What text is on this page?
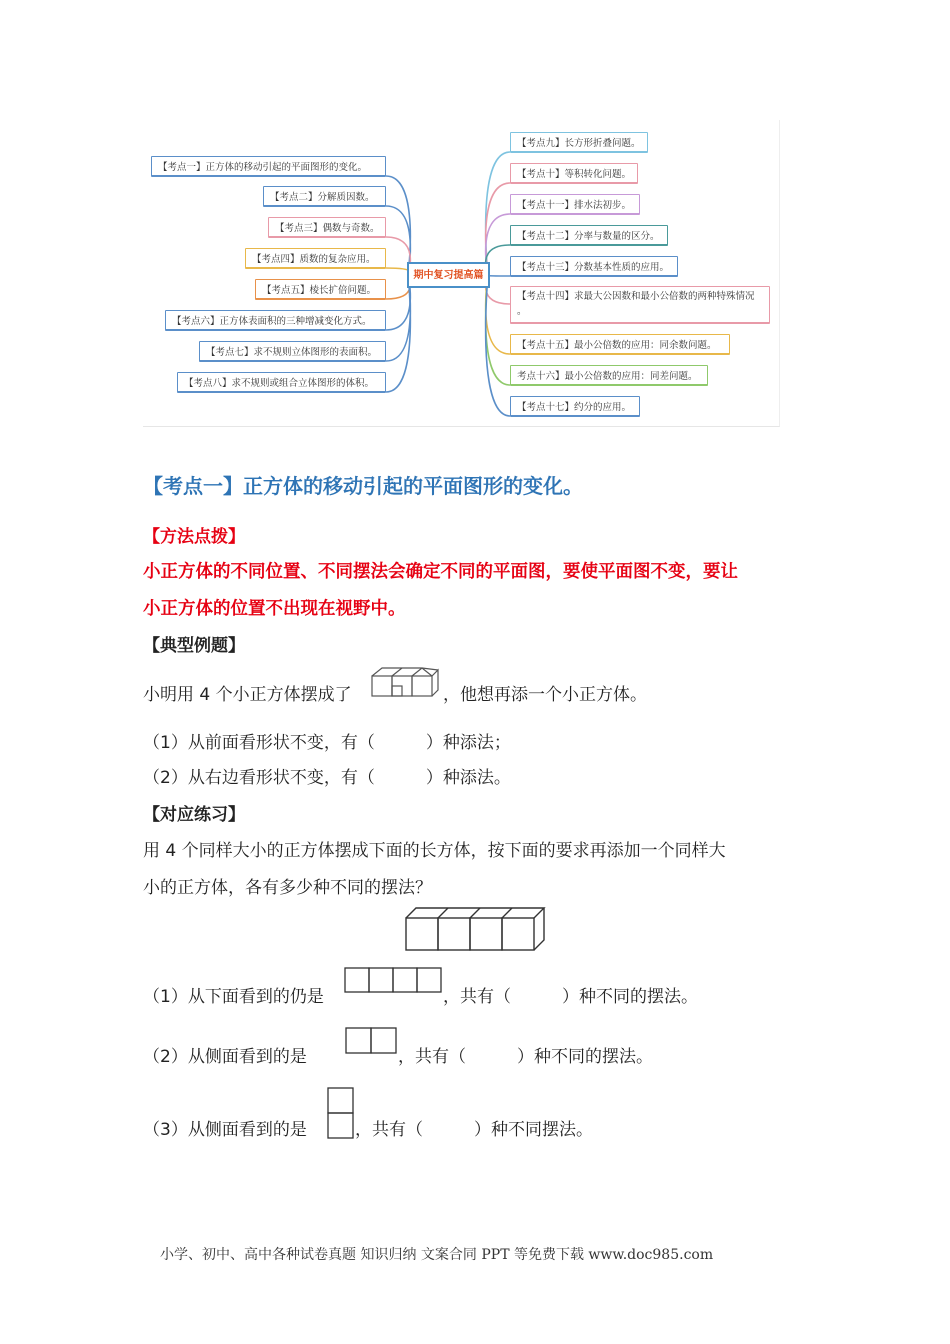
期中复习提高篇
【考点一】正方体的移动引起的平面图形的变化。
【考点二】分解质因数。
【考点三】偶数与奇数。
【考点四】质数的复杂应用。
【考点五】棱长扩倍问题。
【考点六】正方体表面积的三种增减变化方式。
【考点七】求不规则立体图形的表面积。
【考点八】求不规则或组合立体图形的体积。
【考点九】长方形折叠问题。
【考点十】等积转化问题。
【考点十一】排水法初步。
【考点十二】分率与数量的区分。
【考点十三】分数基本性质的应用。
【考点十四】求最大公因数和最小公倍数的两种特殊情况
。
【考点十五】最小公倍数的应用：同余数问题。
考点十六】最小公倍数的应用：同差问题。
【考点十七】约分的应用。
【考点一】正方体的移动引起的平面图形的变化。
【方法点拨】
小正方体的不同位置、不同摆法会确定不同的平面图，要使平面图不变，要让
小正方体的位置不出现在视野中。
【典型例题】
小明用 4 个小正方体摆成了	，他想再添一个小正方体。
（1）从前面看形状不变，有（　　　）种添法；
（2）从右边看形状不变，有（　　　）种添法。
【对应练习】
用 4 个同样大小的正方体摆成下面的长方体，按下面的要求再添加一个同样大
小的正方体，各有多少种不同的摆法？
（1）从下面看到的仍是	，共有（　　　）种不同的摆法。
（2）从侧面看到的是	，共有（　　　）种不同的摆法。
（3）从侧面看到的是	，共有（　　　）种不同摆法。
小学、初中、高中各种试卷真题 知识归纳 文案合同 PPT 等免费下载 www.doc985.com
